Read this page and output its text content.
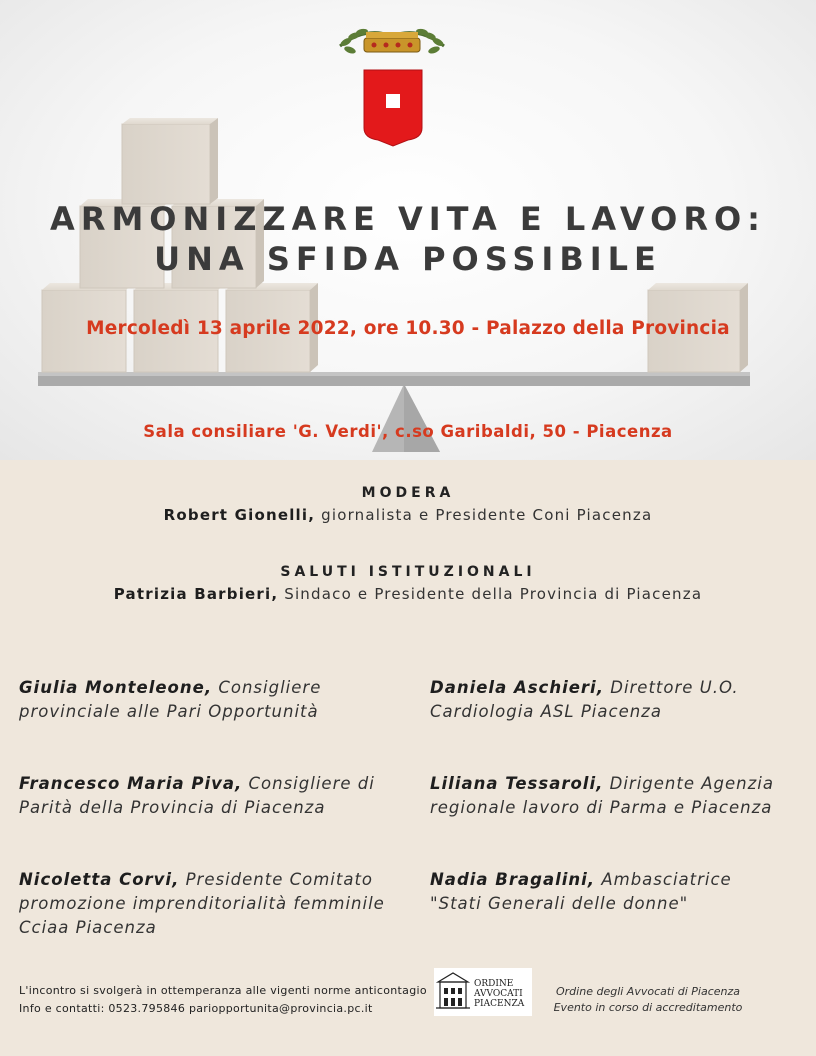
ARMONIZZARE VITA E LAVORO:
UNA SFIDA POSSIBILE
Mercoledì 13 aprile 2022, ore 10.30 - Palazzo della Provincia
Sala consiliare 'G. Verdi', c.so Garibaldi, 50 - Piacenza
MODERA
Robert Gionelli, giornalista e Presidente Coni Piacenza
SALUTI ISTITUZIONALI
Patrizia Barbieri, Sindaco e Presidente della Provincia di Piacenza
Giulia Monteleone, Consigliere
provinciale alle Pari Opportunità
Daniela Aschieri, Direttore U.O.
Cardiologia ASL Piacenza
Francesco Maria Piva, Consigliere di
Parità della Provincia di Piacenza
Liliana Tessaroli, Dirigente Agenzia
regionale lavoro di Parma e Piacenza
Nicoletta Corvi, Presidente Comitato
promozione imprenditorialità femminile
Cciaa Piacenza
Nadia Bragalini, Ambasciatrice
"Stati Generali delle donne"
L'incontro si svolgerà in ottemperanza alle vigenti norme anticontagio
Info e contatti: 0523.795846 pariopportunita@provincia.pc.it
ORDINE
AVVOCATI
PIACENZA
Ordine degli Avvocati di Piacenza
Evento in corso di accreditamento
